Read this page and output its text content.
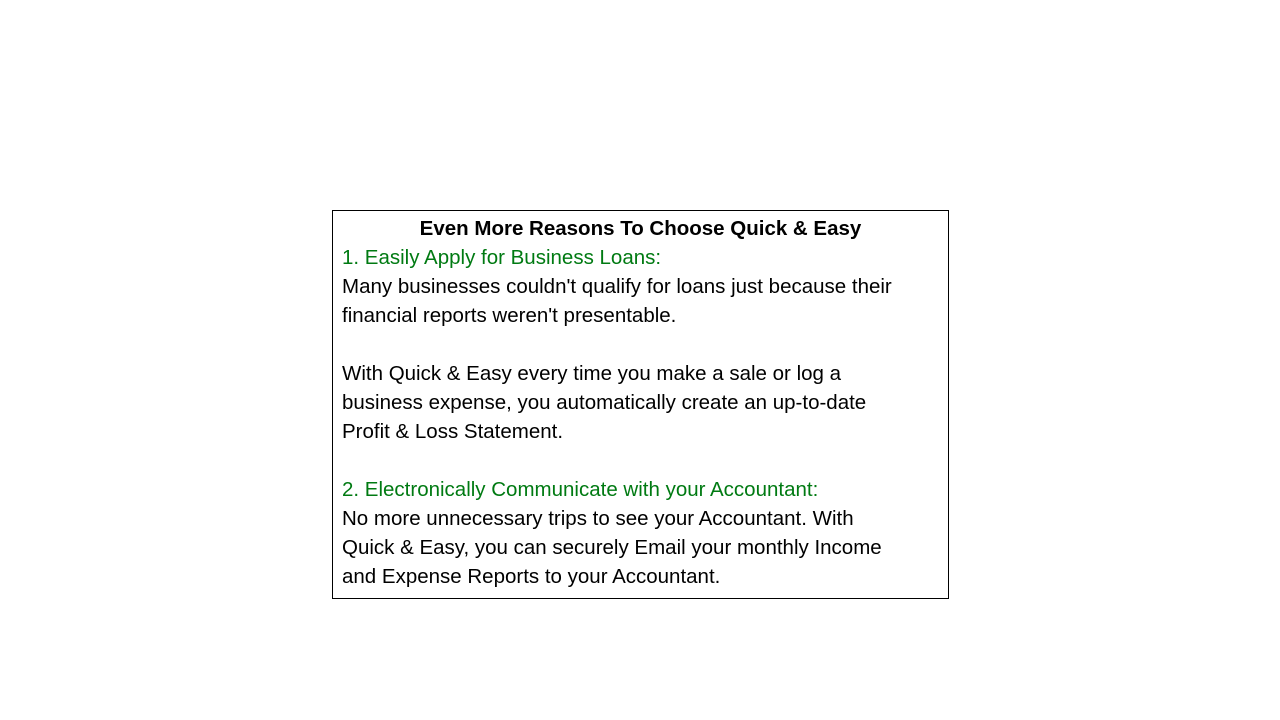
Even More Reasons To Choose Quick & Easy
1. Easily Apply for Business Loans:
Many businesses couldn't qualify for loans just because their
financial reports weren't presentable.
With Quick & Easy every time you make a sale or log a
business expense, you automatically create an up-to-date
Profit & Loss Statement.
2. Electronically Communicate with your Accountant:
No more unnecessary trips to see your Accountant. With
Quick & Easy, you can securely Email your monthly Income
and Expense Reports to your Accountant.
